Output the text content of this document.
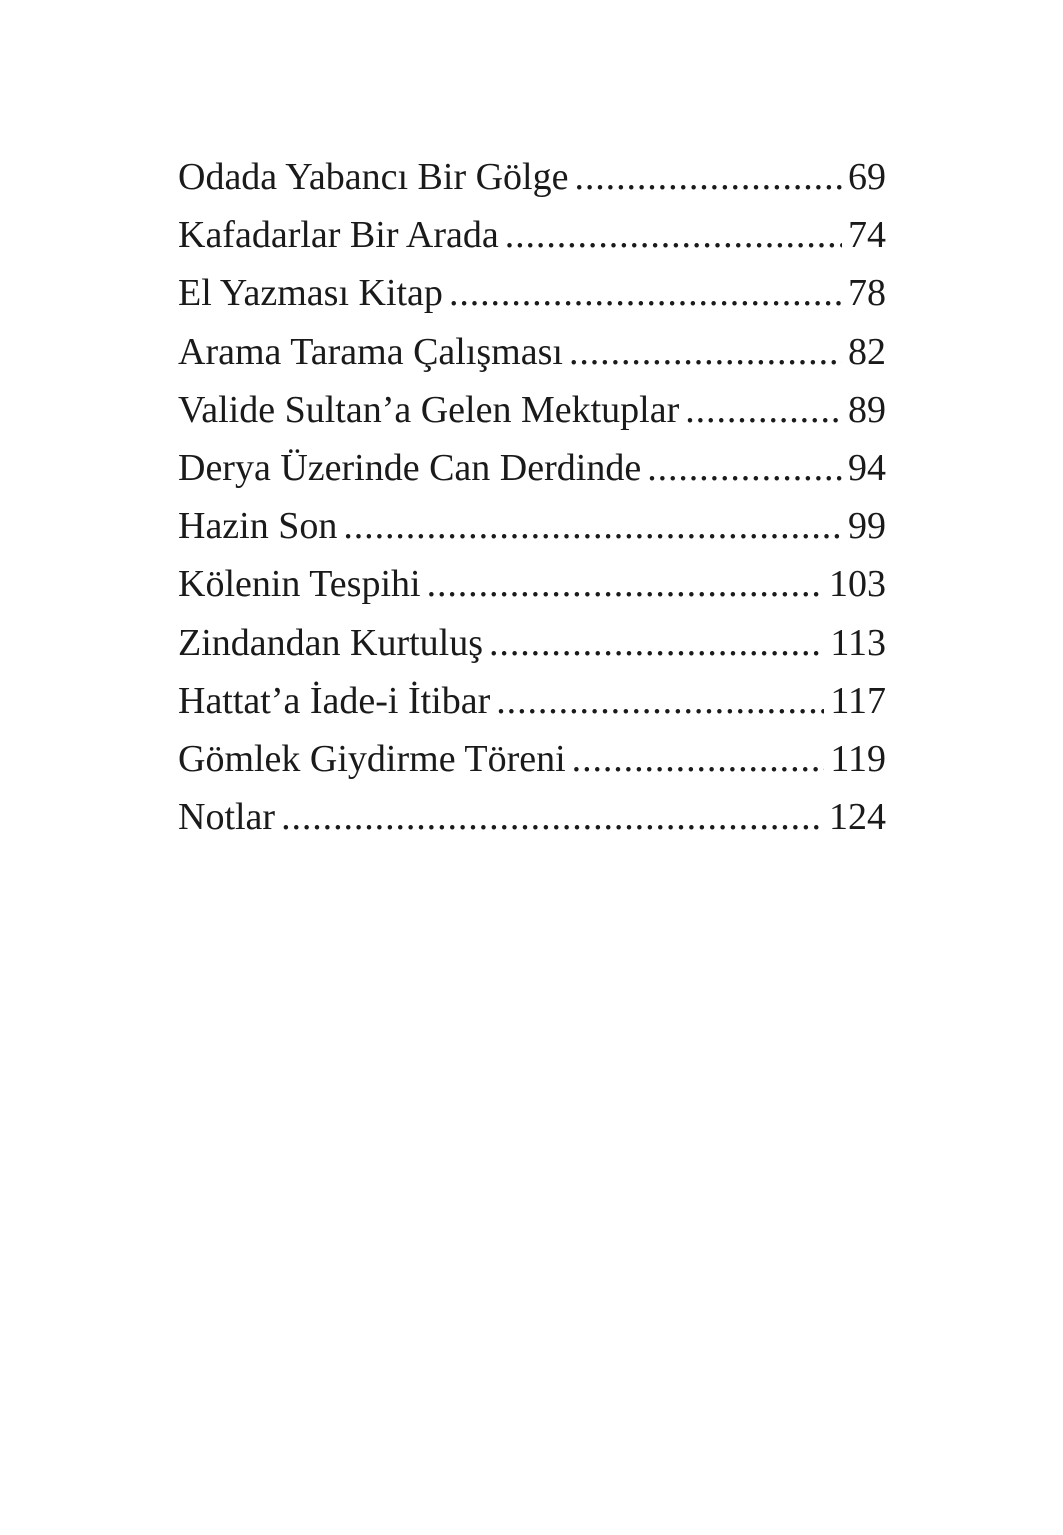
Odada Yabancı Bir Gölge .....	69
Kafadarlar Bir Arada .....	74
El Yazması Kitap .....	78
Arama Tarama Çalışması .....	82
Valide Sultan’a Gelen Mektuplar .....	89
Derya Üzerinde Can Derdinde .....	94
Hazin Son .....	99
Kölenin Tespihi .....	103
Zindandan Kurtuluş .....	113
Hattat’a İade-i İtibar .....	117
Gömlek Giydirme Töreni .....	119
Notlar .....	124
